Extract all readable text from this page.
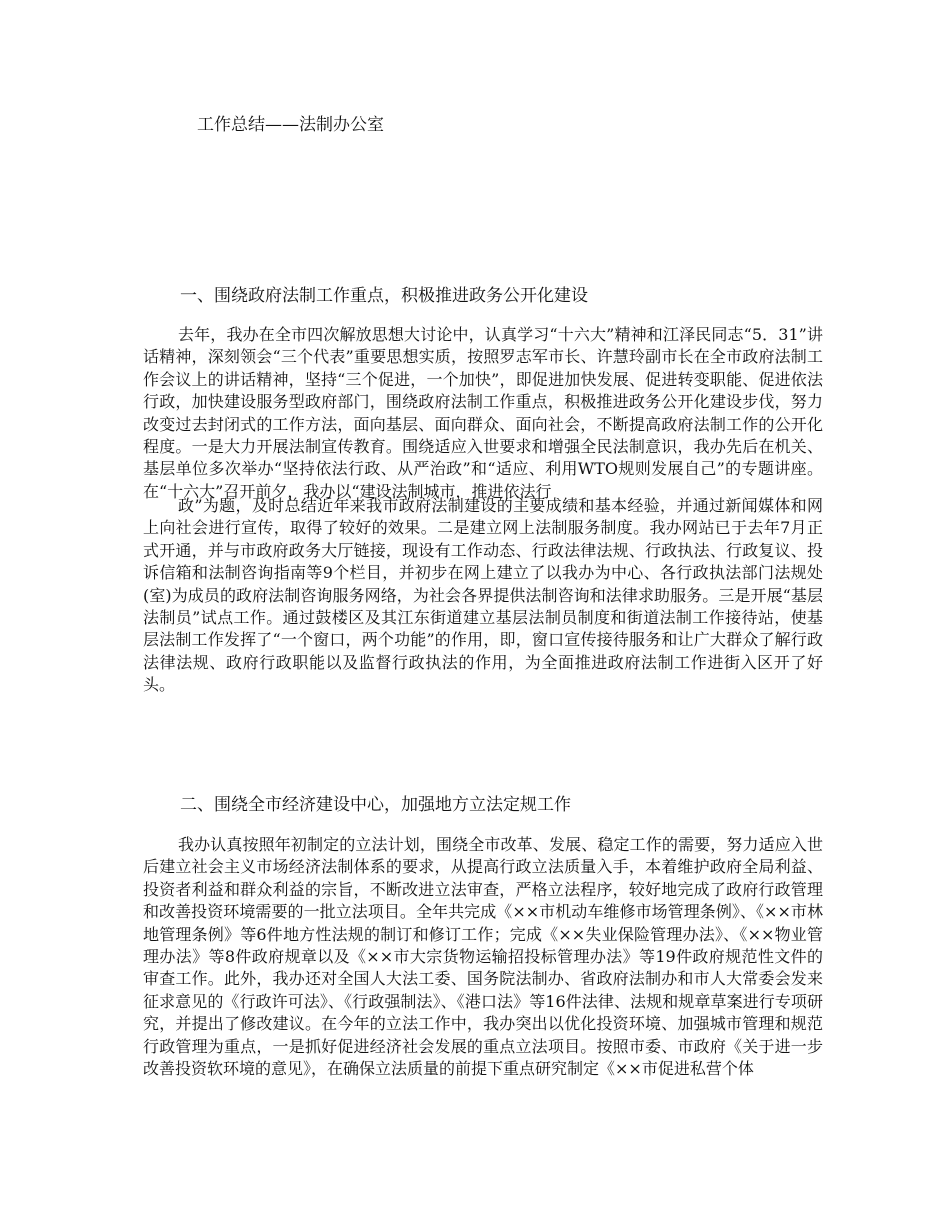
工作总结——法制办公室
一、围绕政府法制工作重点，积极推进政务公开化建设

去年，我办在全市四次解放思想大讨论中，认真学习“十六大”精神和江泽民同志“5．31”讲话精神，深刻领会“三个代表”重要思想实质，按照罗志军市长、许慧玲副市长在全市政府法制工作会议上的讲话精神，坚持“三个促进，一个加快”，即促进加快发展、促进转变职能、促进依法行政，加快建设服务型政府部门，围绕政府法制工作重点，积极推进政务公开化建设步伐，努力改变过去封闭式的工作方法，面向基层、面向群众、面向社会，不断提高政府法制工作的公开化程度。一是大力开展法制宣传教育。围绕适应入世要求和增强全民法制意识，我办先后在机关、基层单位多次举办“坚持依法行政、从严治政”和“适应、利用WTO规则发展自己”的专题讲座。在“十六大”召开前夕，我办以“建设法制城市，推进依法行

政”为题，及时总结近年来我市政府法制建设的主要成绩和基本经验，并通过新闻媒体和网上向社会进行宣传，取得了较好的效果。二是建立网上法制服务制度。我办网站已于去年7月正式开通，并与市政府政务大厅链接，现设有工作动态、行政法律法规、行政执法、行政复议、投诉信箱和法制咨询指南等9个栏目，并初步在网上建立了以我办为中心、各行政执法部门法规处(室)为成员的政府法制咨询服务网络，为社会各界提供法制咨询和法律求助服务。三是开展“基层法制员”试点工作。通过鼓楼区及其江东街道建立基层法制员制度和街道法制工作接待站，使基层法制工作发挥了“一个窗口，两个功能”的作用，即，窗口宣传接待服务和让广大群众了解行政法律法规、政府行政职能以及监督行政执法的作用，为全面推进政府法制工作进街入区开了好头。

二、围绕全市经济建设中心，加强地方立法定规工作

我办认真按照年初制定的立法计划，围绕全市改革、发展、稳定工作的需要，努力适应入世后建立社会主义市场经济法制体系的要求，从提高行政立法质量入手，本着维护政府全局利益、投资者利益和群众利益的宗旨，不断改进立法审查，严格立法程序，较好地完成了政府行政管理和改善投资环境需要的一批立法项目。全年共完成《××市机动车维修市场管理条例》、《××市林地管理条例》等6件地方性法规的制订和修订工作；完成《××失业保险管理办法》、《××物业管理办法》等8件政府规章以及《××市大宗货物运输招投标管理办法》等19件政府规范性文件的审查工作。此外，我办还对全国人大法工委、国务院法制办、省政府法制办和市人大常委会发来征求意见的《行政许可法》、《行政强制法》、《港口法》等16件法律、法规和规章草案进行专项研究，并提出了修改建议。在今年的立法工作中，我办突出以优化投资环境、加强城市管理和规范行政管理为重点，一是抓好促进经济社会发展的重点立法项目。按照市委、市政府《关于进一步改善投资软环境的意见》，在确保立法质量的前提下重点研究制定《××市促进私营个体
